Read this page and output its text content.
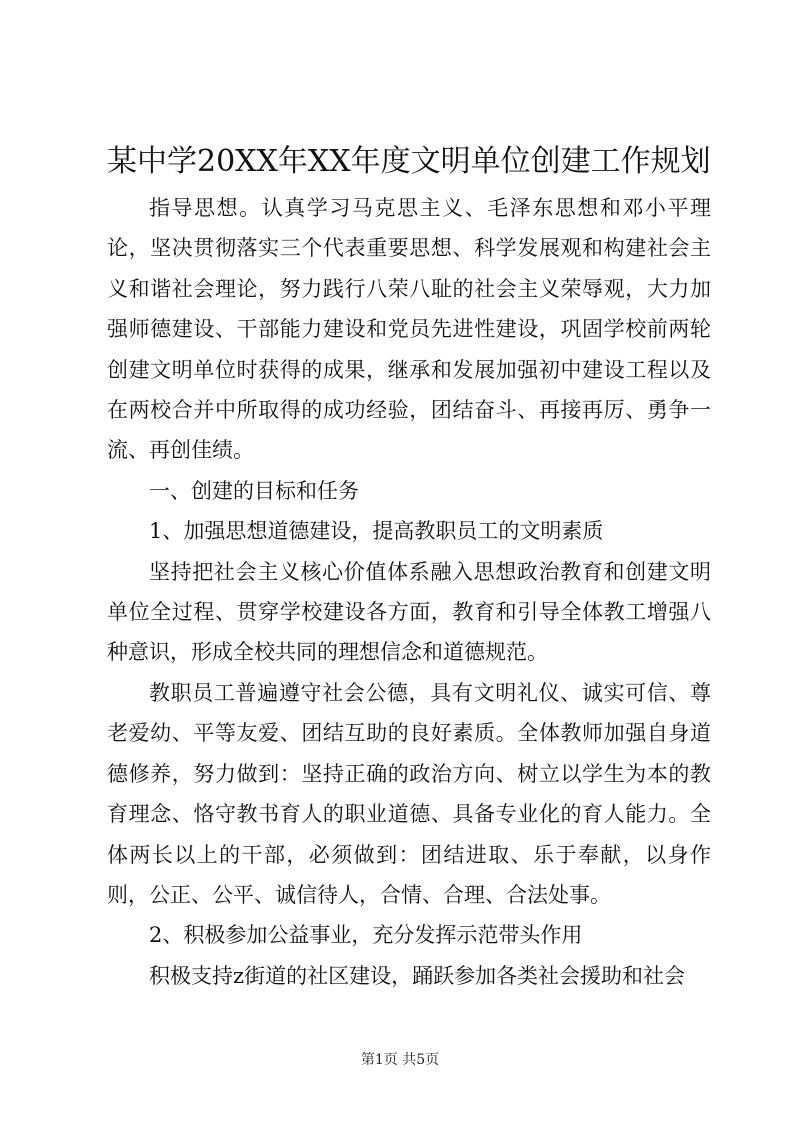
某中学20XX年XX年度文明单位创建工作规划

指导思想。认真学习马克思主义、毛泽东思想和邓小平理论，坚决贯彻落实三个代表重要思想、科学发展观和构建社会主义和谐社会理论，努力践行八荣八耻的社会主义荣辱观，大力加强师德建设、干部能力建设和党员先进性建设，巩固学校前两轮创建文明单位时获得的成果，继承和发展加强初中建设工程以及在两校合并中所取得的成功经验，团结奋斗、再接再厉、勇争一流、再创佳绩。

一、创建的目标和任务

1、加强思想道德建设，提高教职员工的文明素质

坚持把社会主义核心价值体系融入思想政治教育和创建文明单位全过程、贯穿学校建设各方面，教育和引导全体教工增强八种意识，形成全校共同的理想信念和道德规范。

教职员工普遍遵守社会公德，具有文明礼仪、诚实可信、尊老爱幼、平等友爱、团结互助的良好素质。全体教师加强自身道德修养，努力做到：坚持正确的政治方向、树立以学生为本的教育理念、恪守教书育人的职业道德、具备专业化的育人能力。全体两长以上的干部，必须做到：团结进取、乐于奉献，以身作则，公正、公平、诚信待人，合情、合理、合法处事。

2、积极参加公益事业，充分发挥示范带头作用

积极支持z街道的社区建设，踊跃参加各类社会援助和社会

第1页 共5页
